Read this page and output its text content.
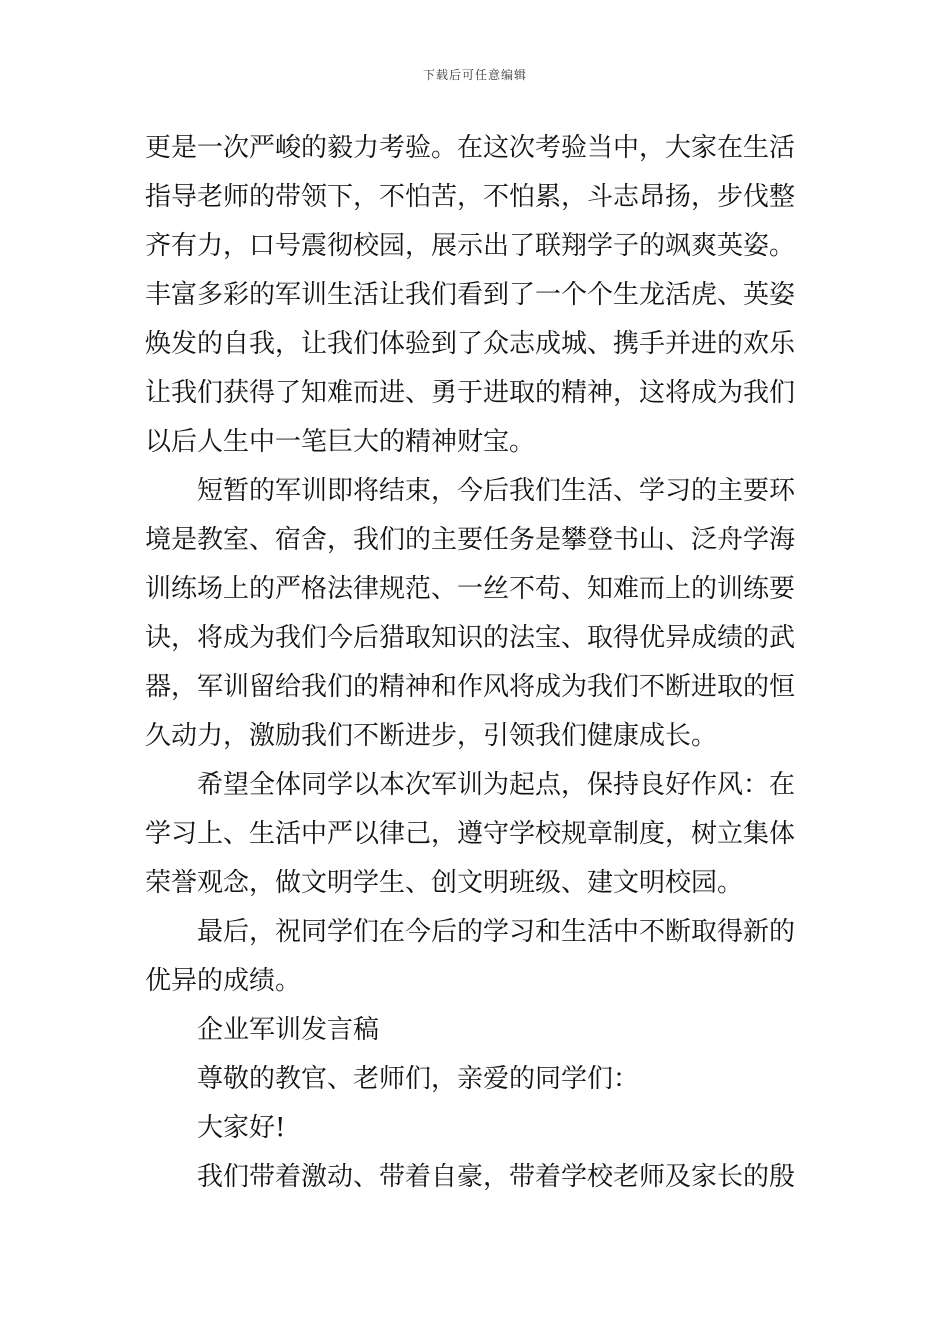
下载后可任意编辑
更是一次严峻的毅力考验。在这次考验当中，大家在生活
指导老师的带领下，不怕苦，不怕累，斗志昂扬，步伐整
齐有力，口号震彻校园，展示出了联翔学子的飒爽英姿。
丰富多彩的军训生活让我们看到了一个个生龙活虎、英姿
焕发的自我，让我们体验到了众志成城、携手并进的欢乐
让我们获得了知难而进、勇于进取的精神，这将成为我们
以后人生中一笔巨大的精神财宝。
短暂的军训即将结束，今后我们生活、学习的主要环
境是教室、宿舍，我们的主要任务是攀登书山、泛舟学海
训练场上的严格法律规范、一丝不苟、知难而上的训练要
诀，将成为我们今后猎取知识的法宝、取得优异成绩的武
器，军训留给我们的精神和作风将成为我们不断进取的恒
久动力，激励我们不断进步，引领我们健康成长。
希望全体同学以本次军训为起点，保持良好作风：在
学习上、生活中严以律己，遵守学校规章制度，树立集体
荣誉观念，做文明学生、创文明班级、建文明校园。
最后，祝同学们在今后的学习和生活中不断取得新的
优异的成绩。
企业军训发言稿
尊敬的教官、老师们，亲爱的同学们：
大家好!
我们带着激动、带着自豪，带着学校老师及家长的殷
